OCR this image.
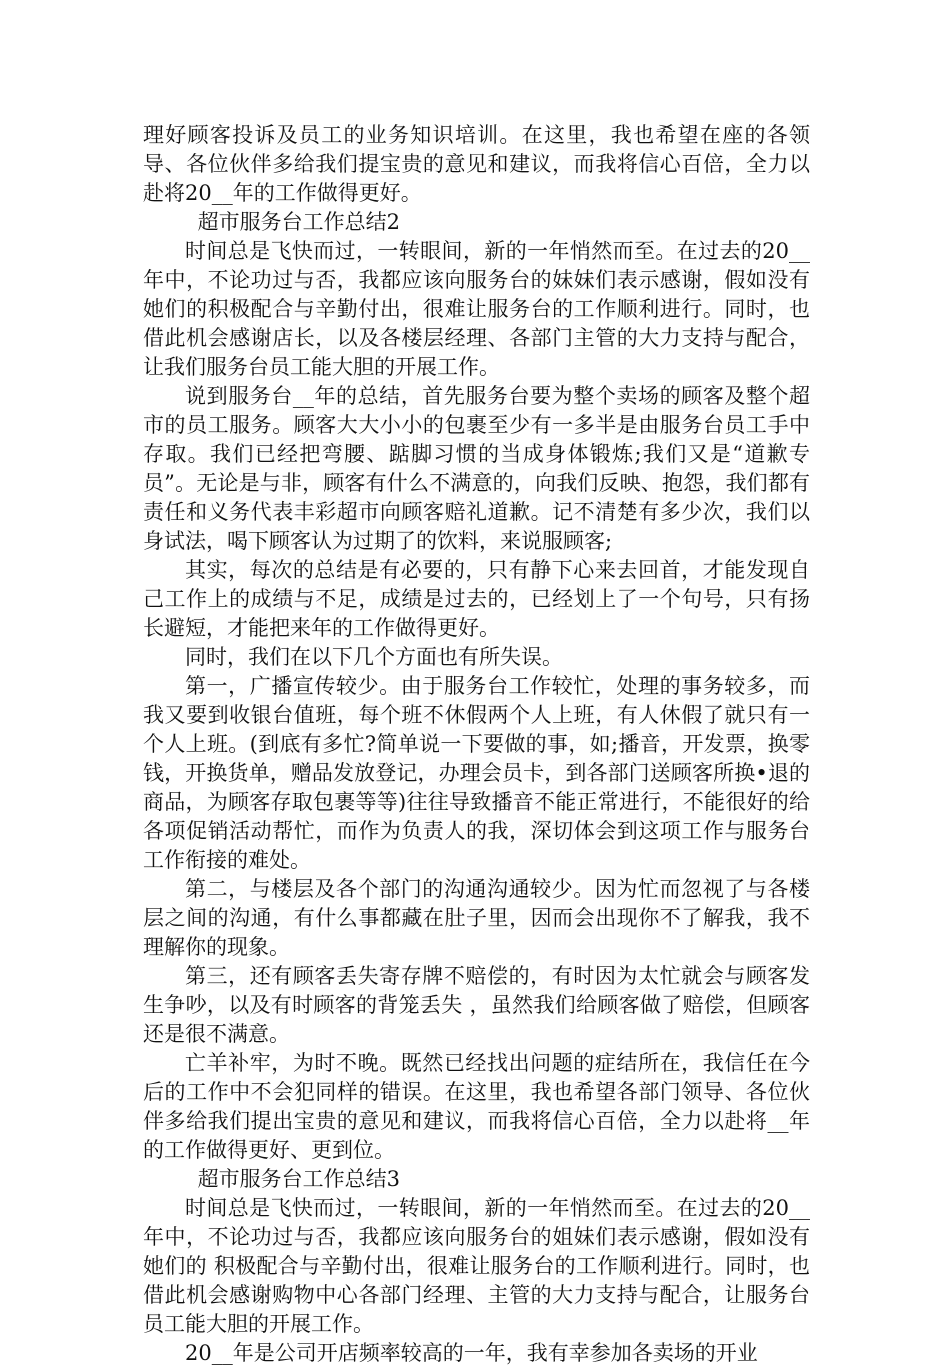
理好顾客投诉及员工的业务知识培训。在这里，我也希望在座的各领导、各位伙伴多给我们提宝贵的意见和建议，而我将信心百倍，全力以赴将20__年的工作做得更好。

超市服务台工作总结2

时间总是飞快而过，一转眼间，新的一年悄然而至。在过去的20__年中，不论功过与否，我都应该向服务台的妹妹们表示感谢，假如没有她们的积极配合与辛勤付出，很难让服务台的工作顺利进行。同时，也借此机会感谢店长，以及各楼层经理、各部门主管的大力支持与配合，让我们服务台员工能大胆的开展工作。

说到服务台__年的总结，首先服务台要为整个卖场的顾客及整个超市的员工服务。顾客大大小小的包裹至少有一多半是由服务台员工手中存取。我们已经把弯腰、踮脚习惯的当成身体锻炼;我们又是“道歉专员”。无论是与非，顾客有什么不满意的，向我们反映、抱怨，我们都有责任和义务代表丰彩超市向顾客赔礼道歉。记不清楚有多少次，我们以身试法，喝下顾客认为过期了的饮料，来说服顾客;

其实，每次的总结是有必要的，只有静下心来去回首，才能发现自己工作上的成绩与不足，成绩是过去的，已经划上了一个句号，只有扬长避短，才能把来年的工作做得更好。

同时，我们在以下几个方面也有所失误。

第一，广播宣传较少。由于服务台工作较忙，处理的事务较多，而我又要到收银台值班，每个班不休假两个人上班，有人休假了就只有一个人上班。(到底有多忙?简单说一下要做的事，如;播音，开发票，换零钱，开换货单，赠品发放登记，办理会员卡，到各部门送顾客所换•退的商品，为顾客存取包裹等等)往往导致播音不能正常进行，不能很好的给各项促销活动帮忙，而作为负责人的我，深切体会到这项工作与服务台工作衔接的难处。

第二，与楼层及各个部门的沟通沟通较少。因为忙而忽视了与各楼层之间的沟通，有什么事都藏在肚子里，因而会出现你不了解我，我不理解你的现象。

第三，还有顾客丢失寄存牌不赔偿的，有时因为太忙就会与顾客发生争吵，以及有时顾客的背笼丢失 ，虽然我们给顾客做了赔偿，但顾客还是很不满意。

亡羊补牢，为时不晚。既然已经找出问题的症结所在，我信任在今后的工作中不会犯同样的错误。在这里，我也希望各部门领导、各位伙伴多给我们提出宝贵的意见和建议，而我将信心百倍，全力以赴将__年的工作做得更好、更到位。

超市服务台工作总结3

时间总是飞快而过，一转眼间，新的一年悄然而至。在过去的20__年中，不论功过与否，我都应该向服务台的姐妹们表示感谢，假如没有她们的 积极配合与辛勤付出，很难让服务台的工作顺利进行。同时，也借此机会感谢购物中心各部门经理、主管的大力支持与配合，让服务台员工能大胆的开展工作。

20__年是公司开店频率较高的一年，我有幸参加各卖场的开业
